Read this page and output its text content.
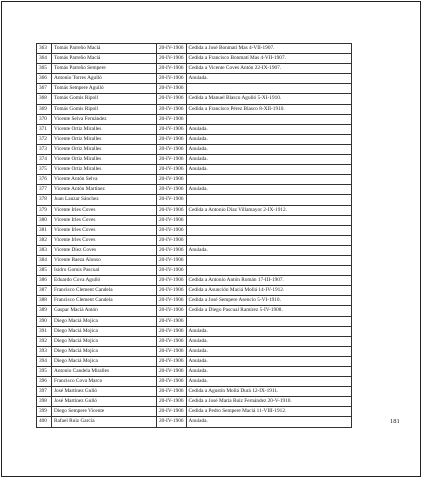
363	Tomás Parreño Maciá	20-IV-1906	Cedida a José Bonmatí Mas 4-VII-1907.
364	Tomás Parreño Maciá	20-IV-1906	Cedida a Francisco Bonmatí Mas 4-VII-1907.
365	Tomás Parreño Sempere	20-IV-1906	Cedida a Vicente Coves Antón 22-IX-1907.
366	Antonio Torres Agulló	20-IV-1906	Anulada.
367	Tomás Sempere Agulló	20-IV-1906	
368	Tomás Gomis Ripoll	20-IV-1906	Cedida a Manuel Blasco Agulló 5-XI-1910.
369	Tomás Gomis Ripoll	20-IV-1906	Cedida a Francisco Pérez Blasco 8-XII-1910.
370	Vicente Selva Fernández	20-IV-1906	
371	Vicente Ortiz Miralles	20-IV-1906	Anulada.
372	Vicente Ortiz Miralles	20-IV-1906	Anulada.
373	Vicente Ortiz Miralles	20-IV-1906	Anulada.
374	Vicente Ortiz Miralles	20-IV-1906	Anulada.
375	Vicente Ortiz Miralles	20-IV-1906	Anulada.
376	Vicente Antón Selva	20-IV-1906	
377	Vicente Antón Martínez	20-IV-1906	Anulada.
378	Juan Lauzar Sánchez	20-IV-1906	
379	Vicente Irles Coves	20-IV-1906	Cedida a Antonio Díaz Villamayor 2-IX-1912.
380	Vicente Irles Coves	20-IV-1906	
381	Vicente Irles Coves	20-IV-1906	
382	Vicente Irles Coves	20-IV-1906	
383	Vicente Díez Coves	20-IV-1906	Anulada.
384	Vicente Baeza Alonso	20-IV-1906	
385	Isidro Gomis Pascual	20-IV-1906	
386	Eduardo Cova Agulló	20-IV-1906	Cedida a Antonio Antón Román 17-III-1907.
387	Francisco Clement Candela	20-IV-1906	Cedida a Asunción Maciá Mollá 14-IV-1912.
388	Francisco Clement Candela	20-IV-1906	Cedida a José Sempere Asencio 5-VI-1910.
389	Gaspar Maciá Antón	20-IV-1906	Cedida a Diego Pascual Ramírez 5-IV-1908.
390	Diego Maciá Mojica	20-IV-1906	
391	Diego Maciá Mojica	20-IV-1906	Anulada.
392	Diego Maciá Mojica	20-IV-1906	Anulada.
393	Diego Maciá Mojica	20-IV-1906	Anulada.
394	Diego Maciá Mojica	20-IV-1906	Anulada.
395	Antonio Candela Miralles	20-IV-1906	Anulada.
396	Francisco Cova Marco	20-IV-1906	Anulada.
397	José Martínez Gulló	20-IV-1906	Cedida a Agustín Mollá Durá 12-IX-1911.
398	José Martínez Gulló	20-IV-1906	Cedida a José María Ruiz Fernández 20-V-1910.
399	Diego Sempere Vicente	20-IV-1906	Cedida a Pedro Sempere Maciá 11-VIII-1912.
400	Rafael Ruiz García	20-IV-1906	Anulada.	181
